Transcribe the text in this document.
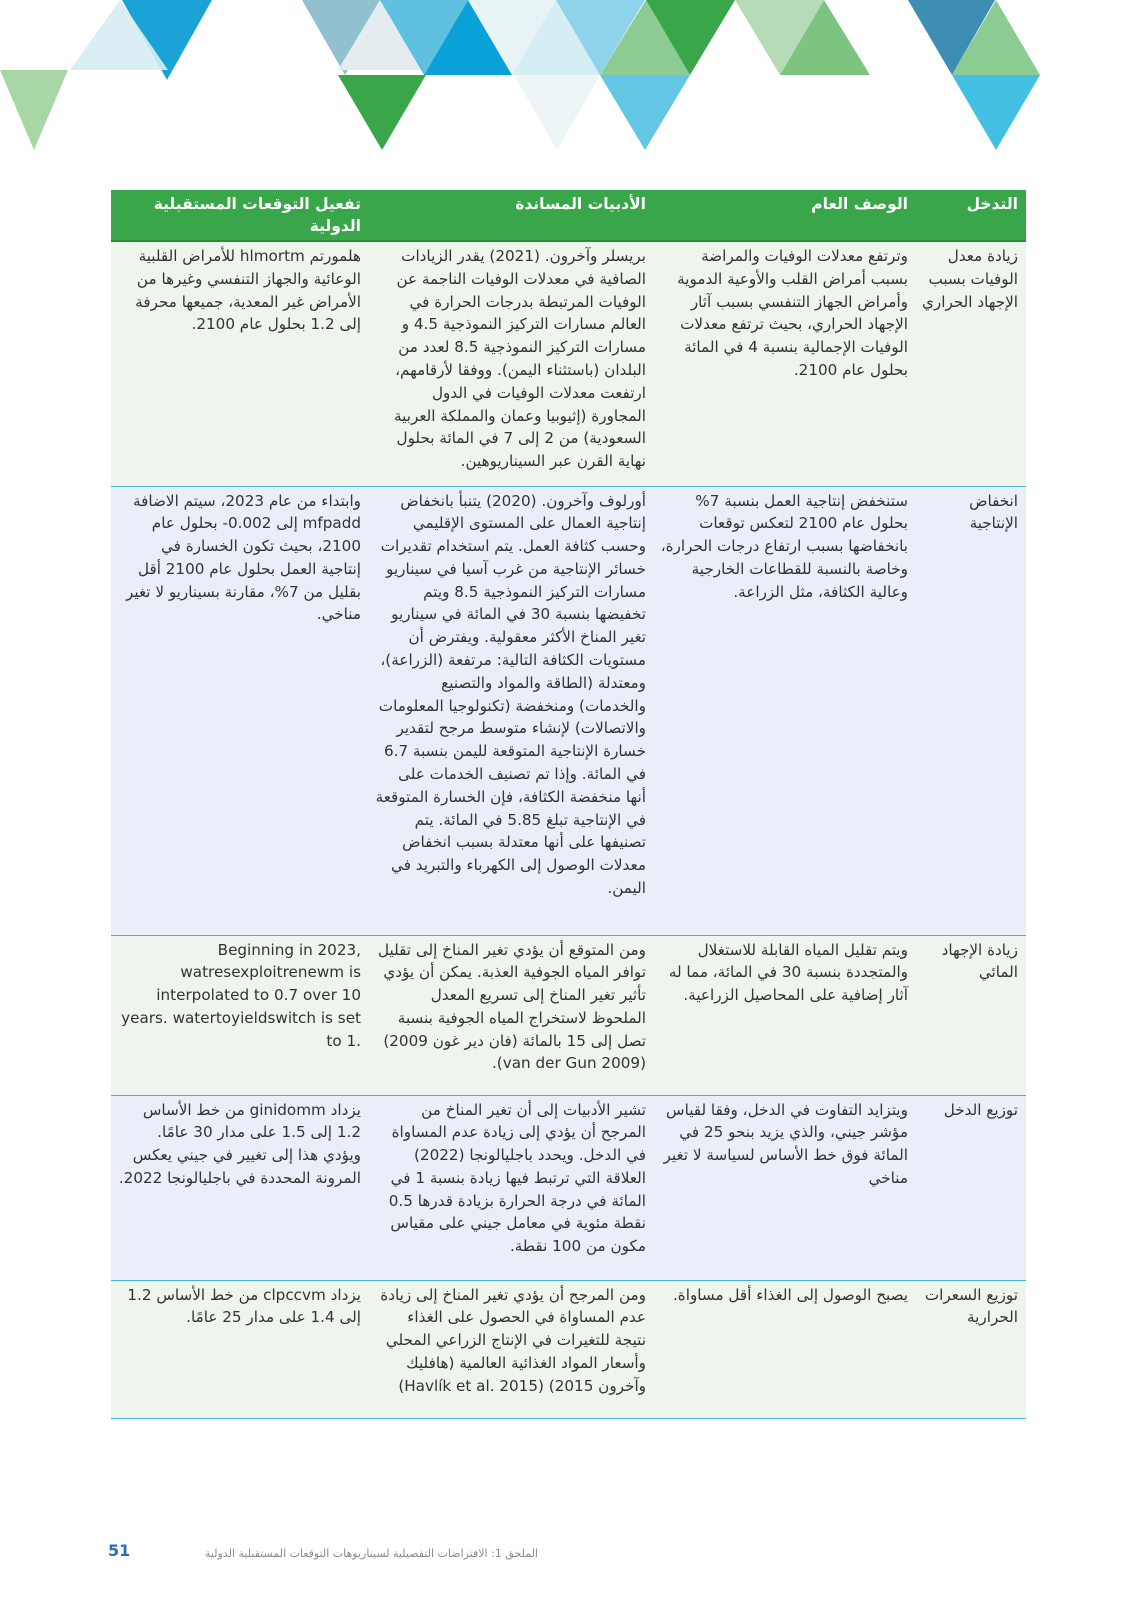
التدخل	الوصف العام	الأدبيات المساندة	تفعيل التوقعات المستقبلية الدولية
زيادة معدل الوفيات بسبب الإجهاد الحراري	وترتفع معدلات الوفيات والمراضة بسبب أمراض القلب والأوعية الدموية وأمراض الجهاز التنفسي بسبب آثار الإجهاد الحراري، بحيث ترتفع معدلات الوفيات الإجمالية بنسبة 4 في المائة بحلول عام 2100.	بريسلر وآخرون. (2021) يقدر الزيادات الصافية في معدلات الوفيات الناجمة عن الوفيات المرتبطة بدرجات الحرارة في العالم مسارات التركيز النموذجية 4.5 و مسارات التركيز النموذجية 8.5 لعدد من البلدان (باستثناء اليمن). ووفقا لأرقامهم، ارتفعت معدلات الوفيات في الدول المجاورة (إثيوبيا وعمان والمملكة العربية السعودية) من 2 إلى 7 في المائة بحلول نهاية القرن عبر السيناريوهين.	هلمورتم hlmortm للأمراض القلبية الوعائية والجهاز التنفسي وغيرها من الأمراض غير المعدية، جميعها محرفة إلى 1.2 بحلول عام 2100.
انخفاض الإنتاجية	ستنخفض إنتاجية العمل بنسبة 7% بحلول عام 2100 لتعكس توقعات بانخفاضها بسبب ارتفاع درجات الحرارة، وخاصة بالنسبة للقطاعات الخارجية وعالية الكثافة، مثل الزراعة.	أورلوف وآخرون. (2020) يتنبأ بانخفاض إنتاجية العمال على المستوى الإقليمي وحسب كثافة العمل. يتم استخدام تقديرات خسائر الإنتاجية من غرب آسيا في سيناريو مسارات التركيز النموذجية 8.5 ويتم تخفيضها بنسبة 30 في المائة في سيناريو تغير المناخ الأكثر معقولية. ويفترض أن مستويات الكثافة التالية: مرتفعة (الزراعة)، ومعتدلة (الطاقة والمواد والتصنيع والخدمات) ومنخفضة (تكنولوجيا المعلومات والاتصالات) لإنشاء متوسط مرجح لتقدير خسارة الإنتاجية المتوقعة لليمن بنسبة 6.7 في المائة. وإذا تم تصنيف الخدمات على أنها منخفضة الكثافة، فإن الخسارة المتوقعة في الإنتاجية تبلغ 5.85 في المائة. يتم تصنيفها على أنها معتدلة بسبب انخفاض معدلات الوصول إلى الكهرباء والتبريد في اليمن.	وابتداء من عام 2023، سيتم الاضافة mfpadd إلى 0.002- بحلول عام 2100، بحيث تكون الخسارة في إنتاجية العمل بحلول عام 2100 أقل بقليل من 7%، مقارنة بسيناريو لا تغير مناخي.
زيادة الإجهاد المائي	ويتم تقليل المياه القابلة للاستغلال والمتجددة بنسبة 30 في المائة، مما له آثار إضافية على المحاصيل الزراعية.	ومن المتوقع أن يؤدي تغير المناخ إلى تقليل توافر المياه الجوفية العذبة. يمكن أن يؤدي تأثير تغير المناخ إلى تسريع المعدل الملحوظ لاستخراج المياه الجوفية بنسبة تصل إلى 15 بالمائة (فان دير غون 2009) (van der Gun 2009).	Beginning in 2023, watresexploitrenewm is interpolated to 0.7 over 10 years. watertoyieldswitch is set to 1.
توزيع الدخل	ويتزايد التفاوت في الدخل، وفقا لقياس مؤشر جيني، والذي يزيد بنحو 25 في المائة فوق خط الأساس لسياسة لا تغير مناخي	تشير الأدبيات إلى أن تغير المناخ من المرجح أن يؤدي إلى زيادة عدم المساواة في الدخل. ويحدد باجليالونجا (2022) العلاقة التي ترتبط فيها زيادة بنسبة 1 في المائة في درجة الحرارة بزيادة قدرها 0.5 نقطة مئوية في معامل جيني على مقياس مكون من 100 نقطة.	يزداد ginidomm من خط الأساس 1.2 إلى 1.5 على مدار 30 عامًا. ويؤدي هذا إلى تغيير في جيني يعكس المرونة المحددة في باجليالونجا 2022.
توزيع السعرات الحرارية	يصبح الوصول إلى الغذاء أقل مساواة.	ومن المرجح أن يؤدي تغير المناخ إلى زيادة عدم المساواة في الحصول على الغذاء نتيجة للتغيرات في الإنتاج الزراعي المحلي وأسعار المواد الغذائية العالمية (هافليك وآخرون 2015) (Havlík et al. 2015)	يزداد clpccvm من خط الأساس 1.2 إلى 1.4 على مدار 25 عامًا.
الملحق 1: الافتراضات التفصيلية لسيناريوهات التوقعات المستقبلية الدولية
51
